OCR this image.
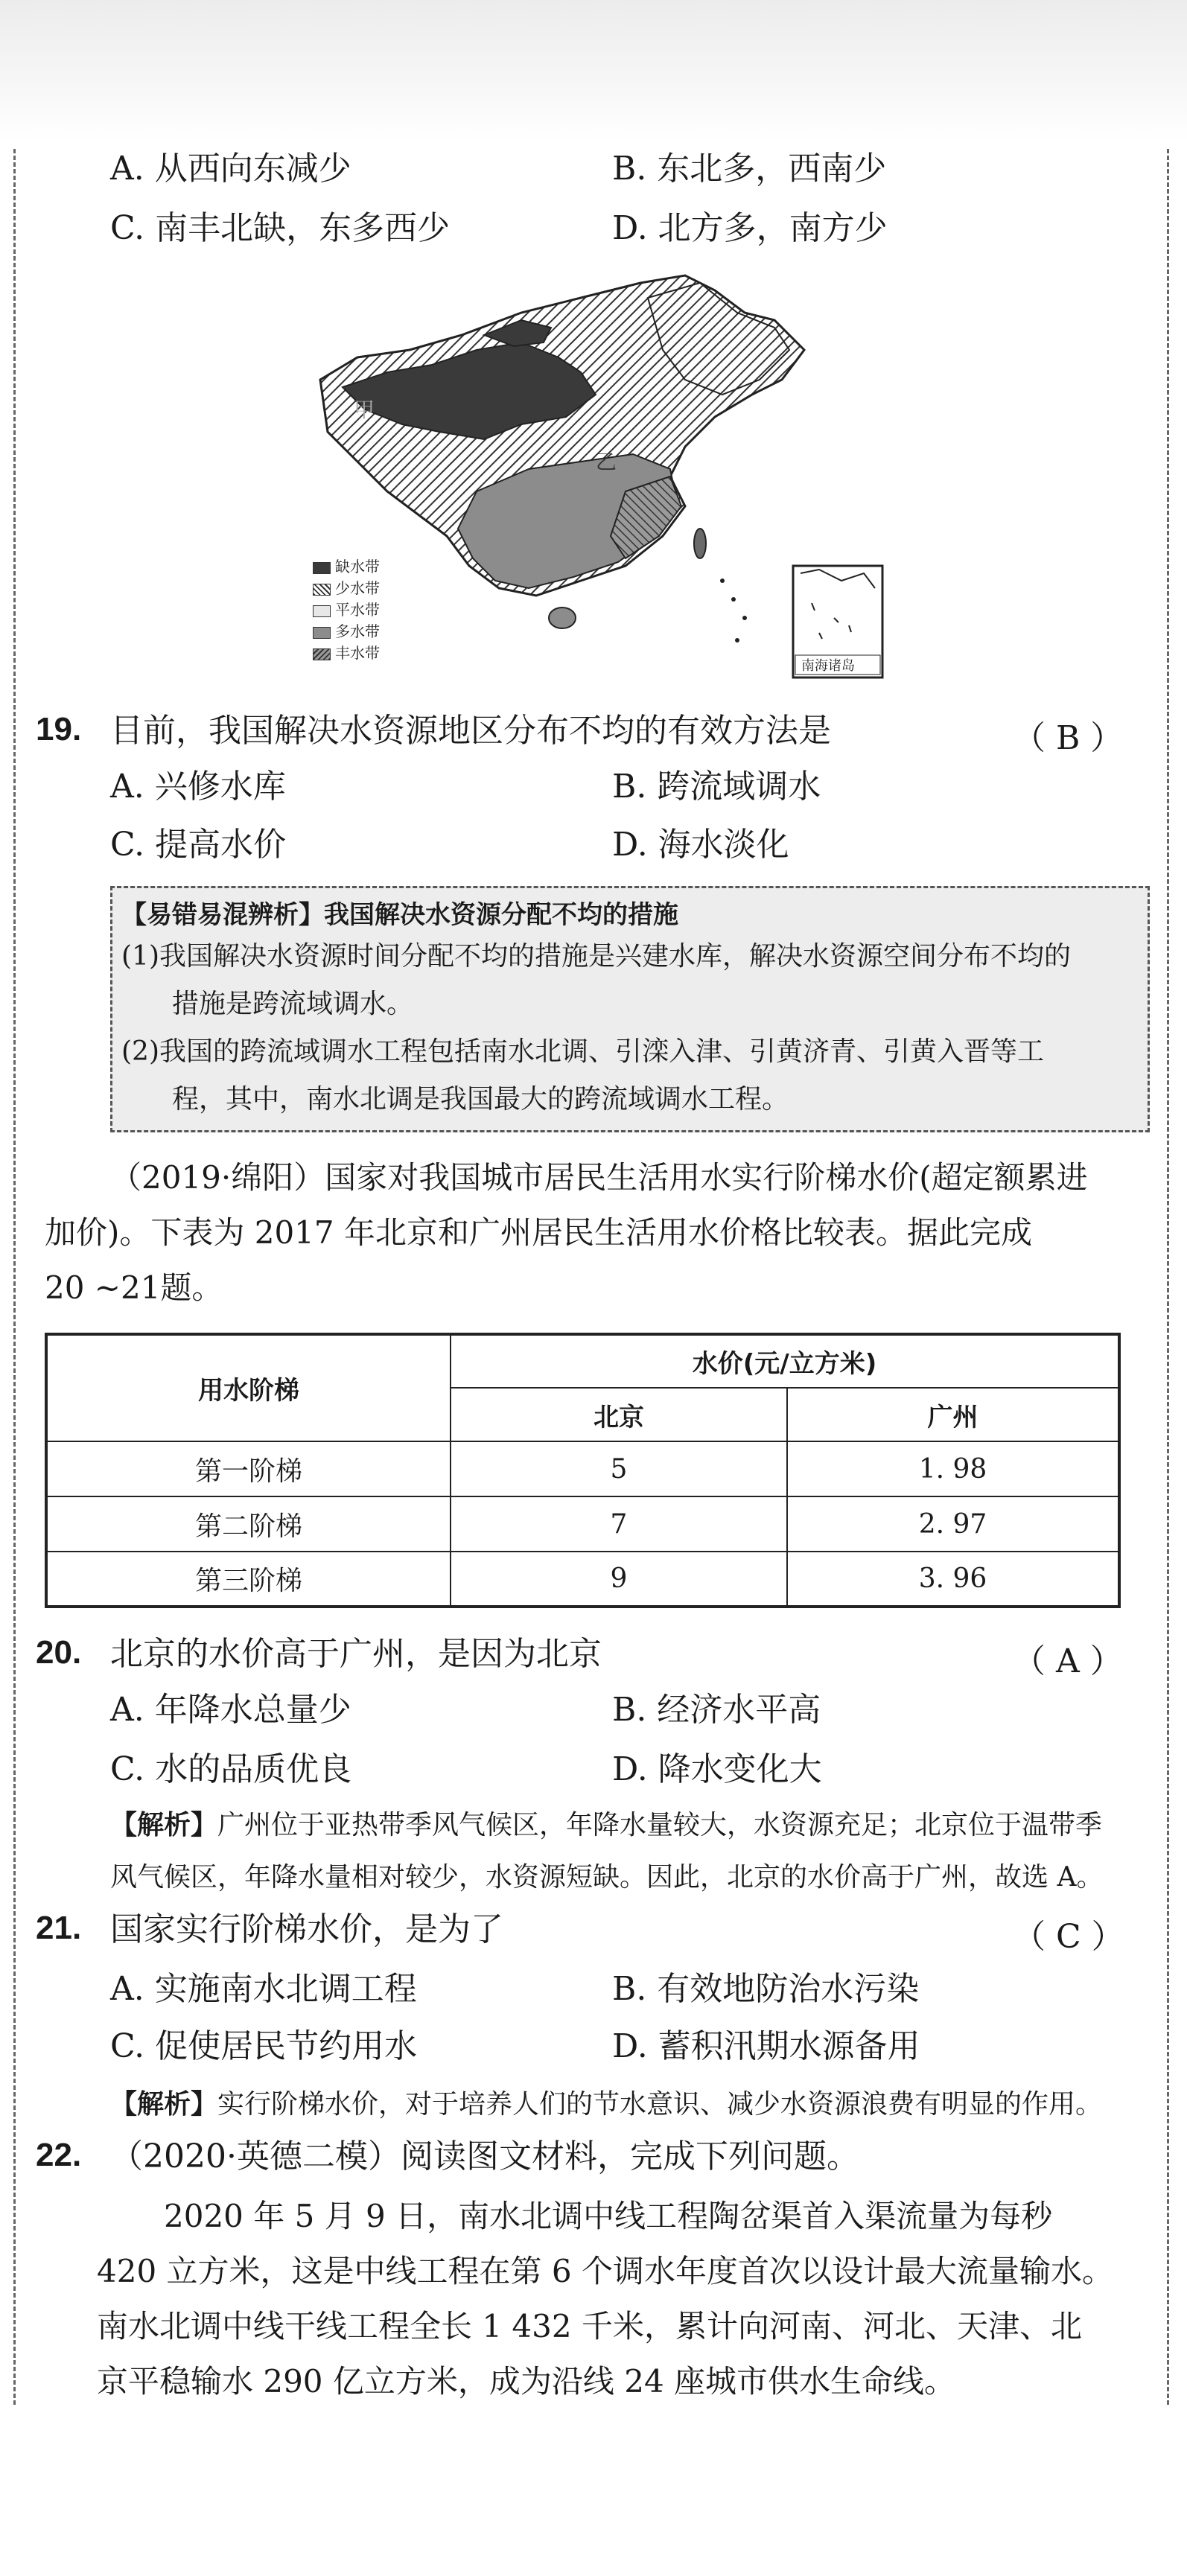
A. 从西向东减少	B. 东北多，西南少
C. 南丰北缺，东多西少	D. 北方多，南方少
甲
乙
南海诸岛
缺水带
少水带
平水带
多水带
丰水带
19. 目前，我国解决水资源地区分布不均的有效方法是	（ B ）
A. 兴修水库	B. 跨流域调水
C. 提高水价	D. 海水淡化
【易错易混辨析】我国解决水资源分配不均的措施
(1)我国解决水资源时间分配不均的措施是兴建水库，解决水资源空间分布不均的
措施是跨流域调水。
(2)我国的跨流域调水工程包括南水北调、引滦入津、引黄济青、引黄入晋等工
程，其中，南水北调是我国最大的跨流域调水工程。
（2019·绵阳）国家对我国城市居民生活用水实行阶梯水价(超定额累进
加价)。下表为 2017 年北京和广州居民生活用水价格比较表。据此完成
20 ~21题。
用水阶梯	水价(元/立方米)	
	北京	广州
第一阶梯	5	1. 98
第二阶梯	7	2. 97
第三阶梯	9	3. 96
20. 北京的水价高于广州，是因为北京	（ A ）
A. 年降水总量少	B. 经济水平高
C. 水的品质优良	D. 降水变化大
【解析】广州位于亚热带季风气候区，年降水量较大，水资源充足；北京位于温带季
风气候区，年降水量相对较少，水资源短缺。因此，北京的水价高于广州，故选 A。
21. 国家实行阶梯水价，是为了	（ C ）
A. 实施南水北调工程	B. 有效地防治水污染
C. 促使居民节约用水	D. 蓄积汛期水源备用
【解析】实行阶梯水价，对于培养人们的节水意识、减少水资源浪费有明显的作用。
22. （2020·英德二模）阅读图文材料，完成下列问题。
2020 年 5 月 9 日，南水北调中线工程陶岔渠首入渠流量为每秒
420 立方米，这是中线工程在第 6 个调水年度首次以设计最大流量输水。
南水北调中线干线工程全长 1 432 千米，累计向河南、河北、天津、北
京平稳输水 290 亿立方米，成为沿线 24 座城市供水生命线。
